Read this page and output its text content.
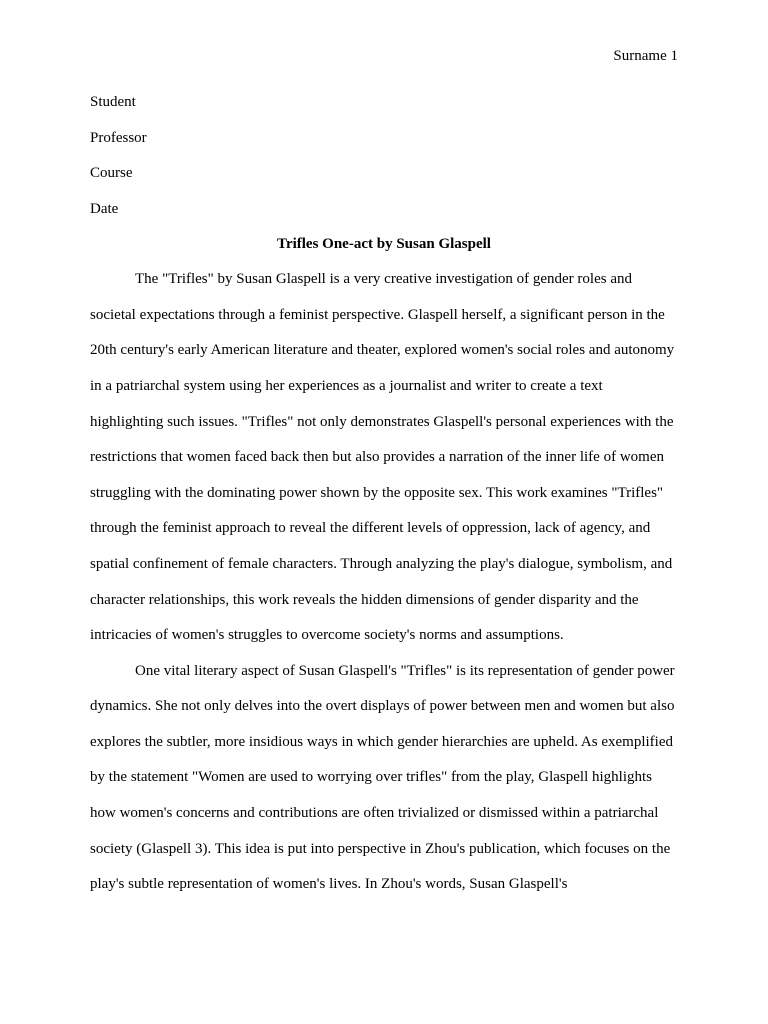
Surname 1

Student

Professor

Course

Date

Trifles One-act by Susan Glaspell

The "Trifles" by Susan Glaspell is a very creative investigation of gender roles and societal expectations through a feminist perspective. Glaspell herself, a significant person in the 20th century's early American literature and theater, explored women's social roles and autonomy in a patriarchal system using her experiences as a journalist and writer to create a text highlighting such issues. "Trifles" not only demonstrates Glaspell's personal experiences with the restrictions that women faced back then but also provides a narration of the inner life of women struggling with the dominating power shown by the opposite sex. This work examines "Trifles" through the feminist approach to reveal the different levels of oppression, lack of agency, and spatial confinement of female characters. Through analyzing the play's dialogue, symbolism, and character relationships, this work reveals the hidden dimensions of gender disparity and the intricacies of women's struggles to overcome society's norms and assumptions.

One vital literary aspect of Susan Glaspell's "Trifles" is its representation of gender power dynamics. She not only delves into the overt displays of power between men and women but also explores the subtler, more insidious ways in which gender hierarchies are upheld. As exemplified by the statement "Women are used to worrying over trifles" from the play, Glaspell highlights how women's concerns and contributions are often trivialized or dismissed within a patriarchal society (Glaspell 3). This idea is put into perspective in Zhou's publication, which focuses on the play's subtle representation of women's lives. In Zhou's words, Susan Glaspell's
